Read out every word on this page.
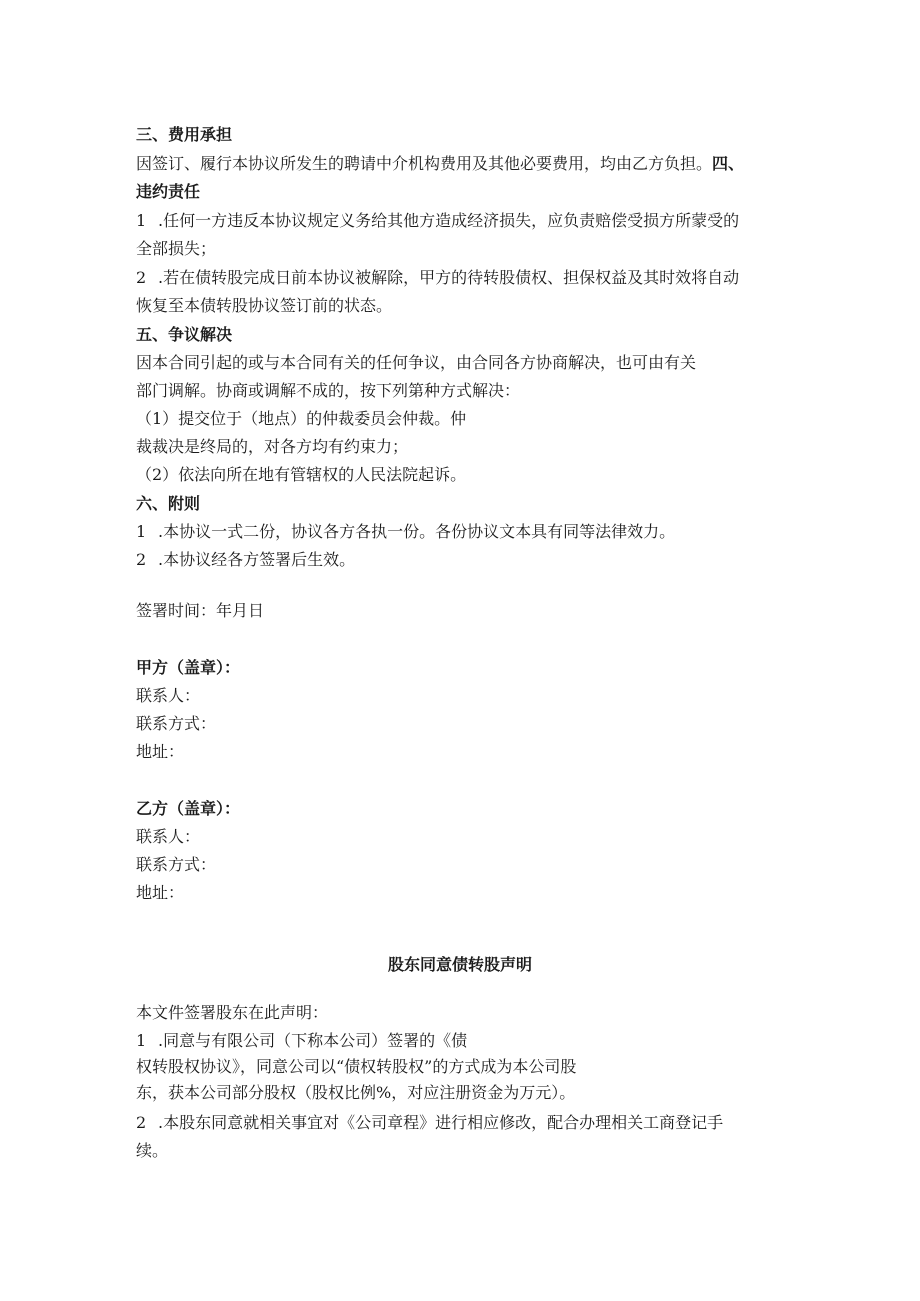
三、费用承担
因签订、履行本协议所发生的聘请中介机构费用及其他必要费用，均由乙方负担。四、
违约责任
1 .任何一方违反本协议规定义务给其他方造成经济损失，应负责赔偿受损方所蒙受的
全部损失；
2 .若在债转股完成日前本协议被解除，甲方的待转股债权、担保权益及其时效将自动
恢复至本债转股协议签订前的状态。
五、争议解决
因本合同引起的或与本合同有关的任何争议，由合同各方协商解决，也可由有关
部门调解。协商或调解不成的，按下列第种方式解决：
（1）提交位于（地点）的仲裁委员会仲裁。仲
裁裁决是终局的，对各方均有约束力；
（2）依法向所在地有管辖权的人民法院起诉。
六、附则
1 .本协议一式二份，协议各方各执一份。各份协议文本具有同等法律效力。
2 .本协议经各方签署后生效。
签署时间：年月日
甲方（盖章）：
联系人：
联系方式：
地址：
乙方（盖章）：
联系人：
联系方式：
地址：
股东同意债转股声明
本文件签署股东在此声明：
1 .同意与有限公司（下称本公司）签署的《债
权转股权协议》，同意公司以“债权转股权”的方式成为本公司股
东，获本公司部分股权（股权比例%，对应注册资金为万元）。
2 .本股东同意就相关事宜对《公司章程》进行相应修改，配合办理相关工商登记手
续。
